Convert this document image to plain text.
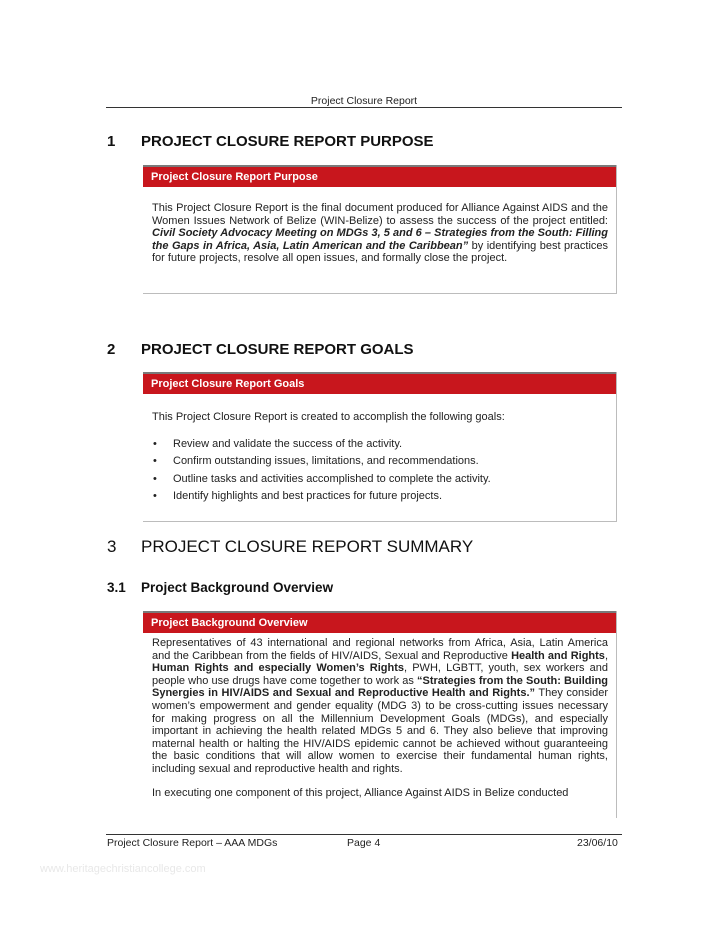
Project Closure Report
1 PROJECT CLOSURE REPORT PURPOSE
Project Closure Report Purpose
This Project Closure Report is the final document produced for Alliance Against AIDS and the Women Issues Network of Belize (WIN-Belize) to assess the success of the project entitled: Civil Society Advocacy Meeting on MDGs 3, 5 and 6 – Strategies from the South: Filling the Gaps in Africa, Asia, Latin American and the Caribbean” by identifying best practices for future projects, resolve all open issues, and formally close the project.
2 PROJECT CLOSURE REPORT GOALS
Project Closure Report Goals
This Project Closure Report is created to accomplish the following goals:
• Review and validate the success of the activity.
• Confirm outstanding issues, limitations, and recommendations.
• Outline tasks and activities accomplished to complete the activity.
• Identify highlights and best practices for future projects.
3 PROJECT CLOSURE REPORT SUMMARY
3.1 Project Background Overview
Project Background Overview
Representatives of 43 international and regional networks from Africa, Asia, Latin America and the Caribbean from the fields of HIV/AIDS, Sexual and Reproductive Health and Rights, Human Rights and especially Women’s Rights, PWH, LGBTT, youth, sex workers and people who use drugs have come together to work as “Strategies from the South: Building Synergies in HIV/AIDS and Sexual and Reproductive Health and Rights.” They consider women’s empowerment and gender equality (MDG 3) to be cross-cutting issues necessary for making progress on all the Millennium Development Goals (MDGs), and especially important in achieving the health related MDGs 5 and 6. They also believe that improving maternal health or halting the HIV/AIDS epidemic cannot be achieved without guaranteeing the basic conditions that will allow women to exercise their fundamental human rights, including sexual and reproductive health and rights.
In executing one component of this project, Alliance Against AIDS in Belize conducted
Project Closure Report – AAA MDGs	Page 4	23/06/10
www.heritagechristiancollege.com
